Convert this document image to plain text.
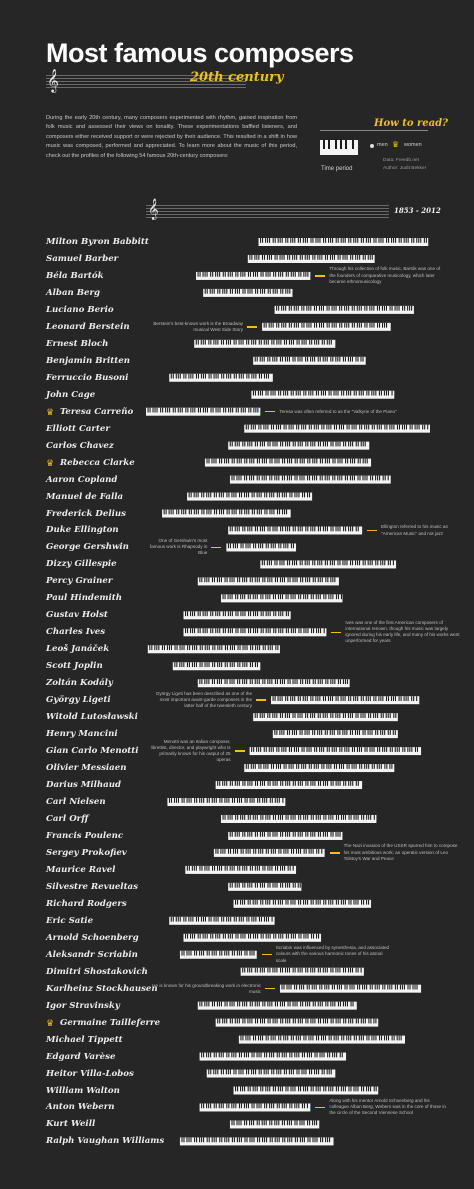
Most famous composers
𝄞	20th century
During the early 20th century, many composers experimented with rhythm, gained inspiration from folk music and assessed their views on tonality. These experimentations baffled listeners, and composers either received support or were rejected by their audience. This resulted in a shift in how music was composed, performed and appreciated. To learn more about the music of this period, check out the profiles of the following 54 famous 20th-century composers:
How to read?
Time period
men ♛ women
Data: Freedb.net
Author: Judit Bekker
𝄞	1853 - 2012
Milton Byron Babbitt
Samuel Barber
Béla Bartók
Alban Berg
Luciano Berio
Leonard Berstein
Ernest Bloch
Benjamin Britten
Ferruccio Busoni
John Cage
♛ Teresa Carreño
Elliott Carter
Carlos Chavez
♛ Rebecca Clarke
Aaron Copland
Manuel de Falla
Frederick Delius
Duke Ellington
George Gershwin
Dizzy Gillespie
Percy Grainer
Paul Hindemith
Gustav Holst
Charles Ives
Leoš Janáček
Scott Joplin
Zoltán Kodály
György Ligeti
Witold Lutosławski
Henry Mancini
Gian Carlo Menotti
Olivier Messiaen
Darius Milhaud
Carl Nielsen
Carl Orff
Francis Poulenc
Sergey Prokofiev
Maurice Ravel
Silvestre Revueltas
Richard Rodgers
Eric Satie
Arnold Schoenberg
Aleksandr Scriabin
Dimitri Shostakovich
Karlheinz Stockhausen
Igor Stravinsky
♛ Germaine Tailleferre
Michael Tippett
Edgard Varèse
Heitor Villa-Lobos
William Walton
Anton Webern
Kurt Weill
Ralph Vaughan Williams
Through his collection of folk music, Bartók was one of the founders of comparative musicology, which later became ethnomusicology
Berstein's best-known work is the Broadway musical West Side Story
Teresa was often referred to as the "Valkyrie of the Piano"
Ellington referred to his music as "American Music" and not jazz
One of Gershwin's most famous work is Rhapsody in Blue
Ives was one of the first American composers of international renown, though his music was largely ignored during his early life, and many of his works went unperformed for years
György Ligeti has been described as one of the most important avant-garde composers in the latter half of the twentieth century
Menotti was an Italian composer, librettist, director, and playwright who is primarily known for his output of 25 operas
The Nazi invasion of the USSR spurred him to compose his most ambitious work, an operatic version of Leo Tolstoy's War and Peace
Scriabin was influenced by synesthesia, and associated colours with the various harmonic tones of his atonal scale
He is known for his groundbreaking work in electronic music
Along with his mentor Arnold Schoenberg and his colleague Alban Berg, Webern was in the core of those in the circle of the Second Viennese School
